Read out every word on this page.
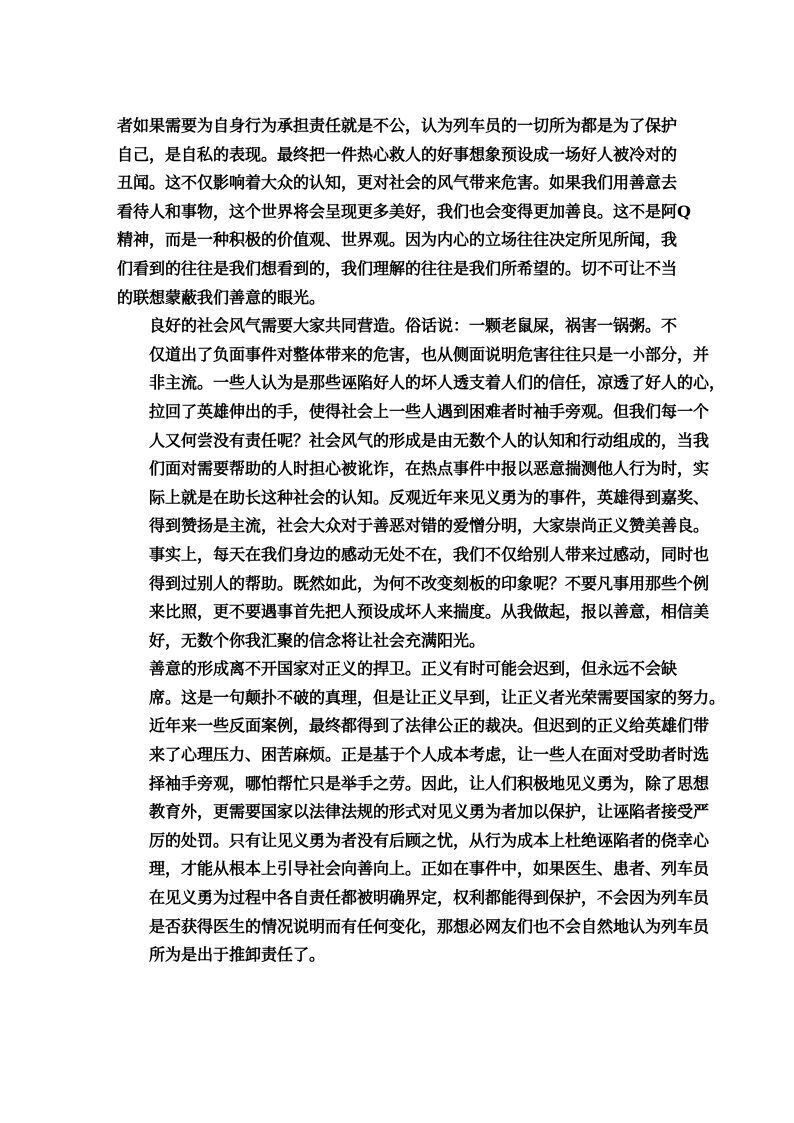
者如果需要为自身行为承担责任就是不公，认为列车员的一切所为都是为了保护
自己，是自私的表现。最终把一件热心救人的好事想象预设成一场好人被冷对的
丑闻。这不仅影响着大众的认知，更对社会的风气带来危害。如果我们用善意去
看待人和事物，这个世界将会呈现更多美好，我们也会变得更加善良。这不是阿Q
精神，而是一种积极的价值观、世界观。因为内心的立场往往决定所见所闻，我
们看到的往往是我们想看到的，我们理解的往往是我们所希望的。切不可让不当
的联想蒙蔽我们善意的眼光。

良好的社会风气需要大家共同营造。俗话说：一颗老鼠屎，祸害一锅粥。不
仅道出了负面事件对整体带来的危害，也从侧面说明危害往往只是一小部分，并
非主流。一些人认为是那些诬陷好人的坏人透支着人们的信任，凉透了好人的心，
拉回了英雄伸出的手，使得社会上一些人遇到困难者时袖手旁观。但我们每一个
人又何尝没有责任呢？社会风气的形成是由无数个人的认知和行动组成的，当我
们面对需要帮助的人时担心被讹诈，在热点事件中报以恶意揣测他人行为时，实
际上就是在助长这种社会的认知。反观近年来见义勇为的事件，英雄得到嘉奖、
得到赞扬是主流，社会大众对于善恶对错的爱憎分明，大家崇尚正义赞美善良。
事实上，每天在我们身边的感动无处不在，我们不仅给别人带来过感动，同时也
得到过别人的帮助。既然如此，为何不改变刻板的印象呢？不要凡事用那些个例
来比照，更不要遇事首先把人预设成坏人来揣度。从我做起，报以善意，相信美
好，无数个你我汇聚的信念将让社会充满阳光。

善意的形成离不开国家对正义的捍卫。正义有时可能会迟到，但永远不会缺
席。这是一句颠扑不破的真理，但是让正义早到，让正义者光荣需要国家的努力。
近年来一些反面案例，最终都得到了法律公正的裁决。但迟到的正义给英雄们带
来了心理压力、困苦麻烦。正是基于个人成本考虑，让一些人在面对受助者时选
择袖手旁观，哪怕帮忙只是举手之劳。因此，让人们积极地见义勇为，除了思想
教育外，更需要国家以法律法规的形式对见义勇为者加以保护，让诬陷者接受严
厉的处罚。只有让见义勇为者没有后顾之忧，从行为成本上杜绝诬陷者的侥幸心
理，才能从根本上引导社会向善向上。正如在事件中，如果医生、患者、列车员
在见义勇为过程中各自责任都被明确界定，权利都能得到保护，不会因为列车员
是否获得医生的情况说明而有任何变化，那想必网友们也不会自然地认为列车员
所为是出于推卸责任了。
